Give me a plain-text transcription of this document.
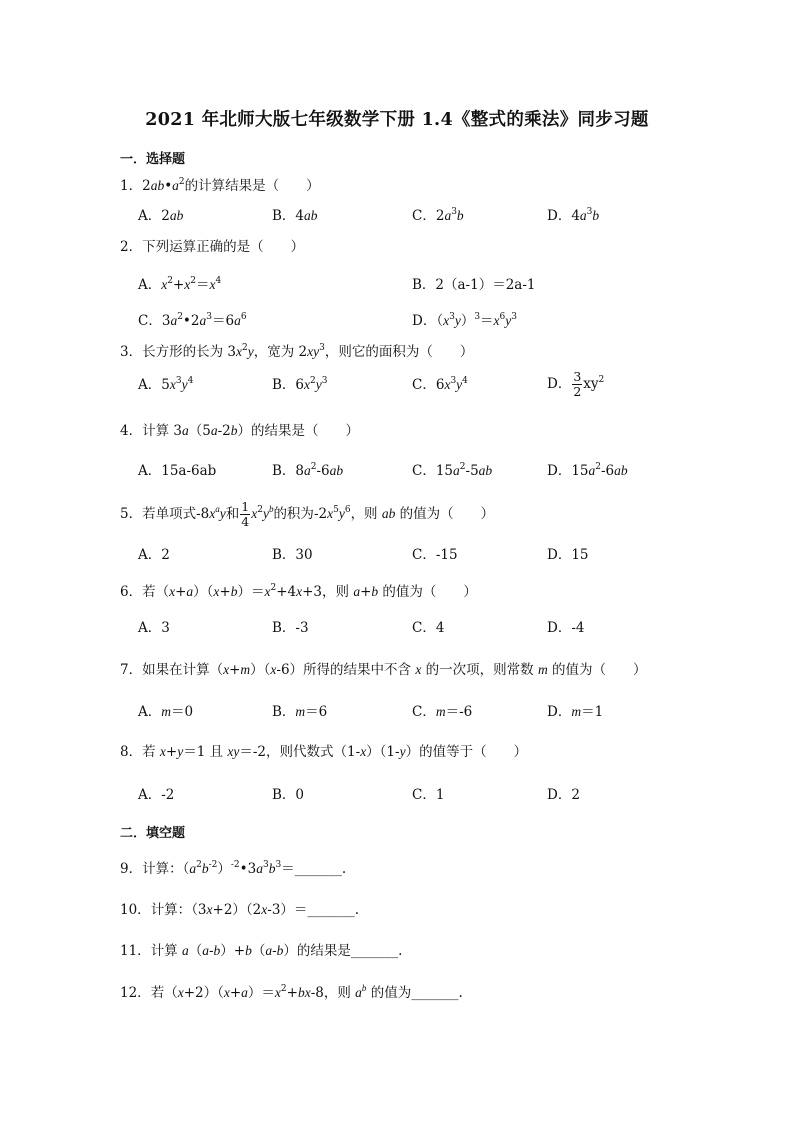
2021 年北师大版七年级数学下册 1.4《整式的乘法》同步习题
一．选择题
1．$2ab•a^2$的计算结果是（　　）
A．2ab	B．4ab	C．$2a^3b$	D．$4a^3b$
2．下列运算正确的是（　　）
A．$x^2+x^2=x^4$	B．2（a-1）＝2a-1
C．$3a^2•2a^3=6a^6$	D．$(x^3y)^3=x^6y^3$
3．长方形的长为 $3x^2y$，宽为 $2xy^3$，则它的面积为（　　）
A．$5x^3y^4$	B．$6x^2y^3$	C．$6x^3y^4$	D． $\frac{3}{2} xy^2$
4．计算 3a（5a-2b）的结果是（　　）
A．15a-6ab	B．$8a^2-6ab$	C．$15a^2-5ab$	D．$15a^2-6ab$
5．若单项式$-8x^ay$和 $\frac{1}{4} x^2y^b$的积为$-2x^5y^6$，则 ab 的值为（　　）
A．2	B．30	C．-15	D．15
6．若$(x+a)(x+b)=x^2+4x+3$，则 a+b 的值为（　　）
A．3	B．-3	C．4	D．-4
7．如果在计算（x+m）（x-6）所得的结果中不含 x 的一次项，则常数 m 的值为（　　）
A．m＝0	B．m＝6	C．m＝-6	D．m＝1
8．若 x+y＝1 且 xy＝-2，则代数式（1-x）（1-y）的值等于（　　）
A．-2	B．0	C．1	D．2
二．填空题
9．计算：$(a^2b^{-2})^{-2}•3a^3b^3=\_\_\_\_\_\_\_$.
10．计算：（3x+2）（2x-3）＝_______.
11．计算 a（a-b）+b（a-b）的结果是_______.
12．若$(x+2)(x+a)=x^2+bx-8$，则 $a^b$ 的值为_______.
